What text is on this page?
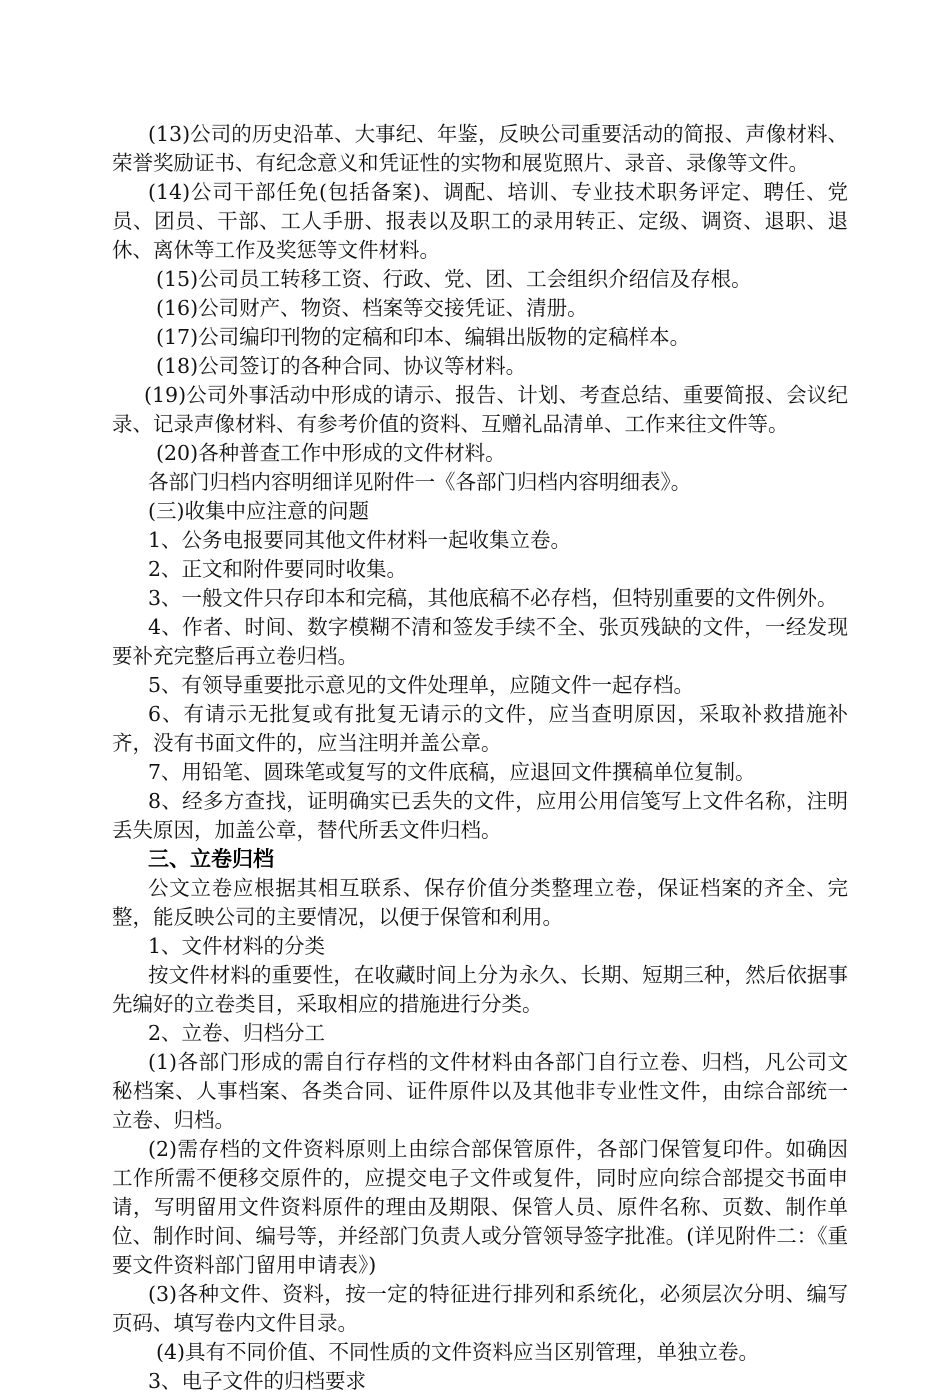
(13)公司的历史沿革、大事纪、年鉴，反映公司重要活动的简报、声像材料、荣誉奖励证书、有纪念意义和凭证性的实物和展览照片、录音、录像等文件。

(14)公司干部任免(包括备案)、调配、培训、专业技术职务评定、聘任、党员、团员、干部、工人手册、报表以及职工的录用转正、定级、调资、退职、退休、离休等工作及奖惩等文件材料。

(15)公司员工转移工资、行政、党、团、工会组织介绍信及存根。

(16)公司财产、物资、档案等交接凭证、清册。

(17)公司编印刊物的定稿和印本、编辑出版物的定稿样本。

(18)公司签订的各种合同、协议等材料。

(19)公司外事活动中形成的请示、报告、计划、考查总结、重要简报、会议纪录、记录声像材料、有参考价值的资料、互赠礼品清单、工作来往文件等。

(20)各种普查工作中形成的文件材料。

各部门归档内容明细详见附件一《各部门归档内容明细表》。

(三)收集中应注意的问题

1、公务电报要同其他文件材料一起收集立卷。

2、正文和附件要同时收集。

3、一般文件只存印本和完稿，其他底稿不必存档，但特别重要的文件例外。

4、作者、时间、数字模糊不清和签发手续不全、张页残缺的文件，一经发现要补充完整后再立卷归档。

5、有领导重要批示意见的文件处理单，应随文件一起存档。

6、有请示无批复或有批复无请示的文件，应当查明原因，采取补救措施补齐，没有书面文件的，应当注明并盖公章。

7、用铅笔、圆珠笔或复写的文件底稿，应退回文件撰稿单位复制。

8、经多方查找，证明确实已丢失的文件，应用公用信笺写上文件名称，注明丢失原因，加盖公章，替代所丢文件归档。

三、立卷归档

公文立卷应根据其相互联系、保存价值分类整理立卷，保证档案的齐全、完整，能反映公司的主要情况，以便于保管和利用。

1、文件材料的分类

按文件材料的重要性，在收藏时间上分为永久、长期、短期三种，然后依据事先编好的立卷类目，采取相应的措施进行分类。

2、立卷、归档分工

(1)各部门形成的需自行存档的文件材料由各部门自行立卷、归档，凡公司文秘档案、人事档案、各类合同、证件原件以及其他非专业性文件，由综合部统一立卷、归档。

(2)需存档的文件资料原则上由综合部保管原件，各部门保管复印件。如确因工作所需不便移交原件的，应提交电子文件或复件，同时应向综合部提交书面申请，写明留用文件资料原件的理由及期限、保管人员、原件名称、页数、制作单位、制作时间、编号等，并经部门负责人或分管领导签字批准。(详见附件二：《重要文件资料部门留用申请表》)

(3)各种文件、资料，按一定的特征进行排列和系统化，必须层次分明、编写页码、填写卷内文件目录。

(4)具有不同价值、不同性质的文件资料应当区别管理，单独立卷。

3、电子文件的归档要求
